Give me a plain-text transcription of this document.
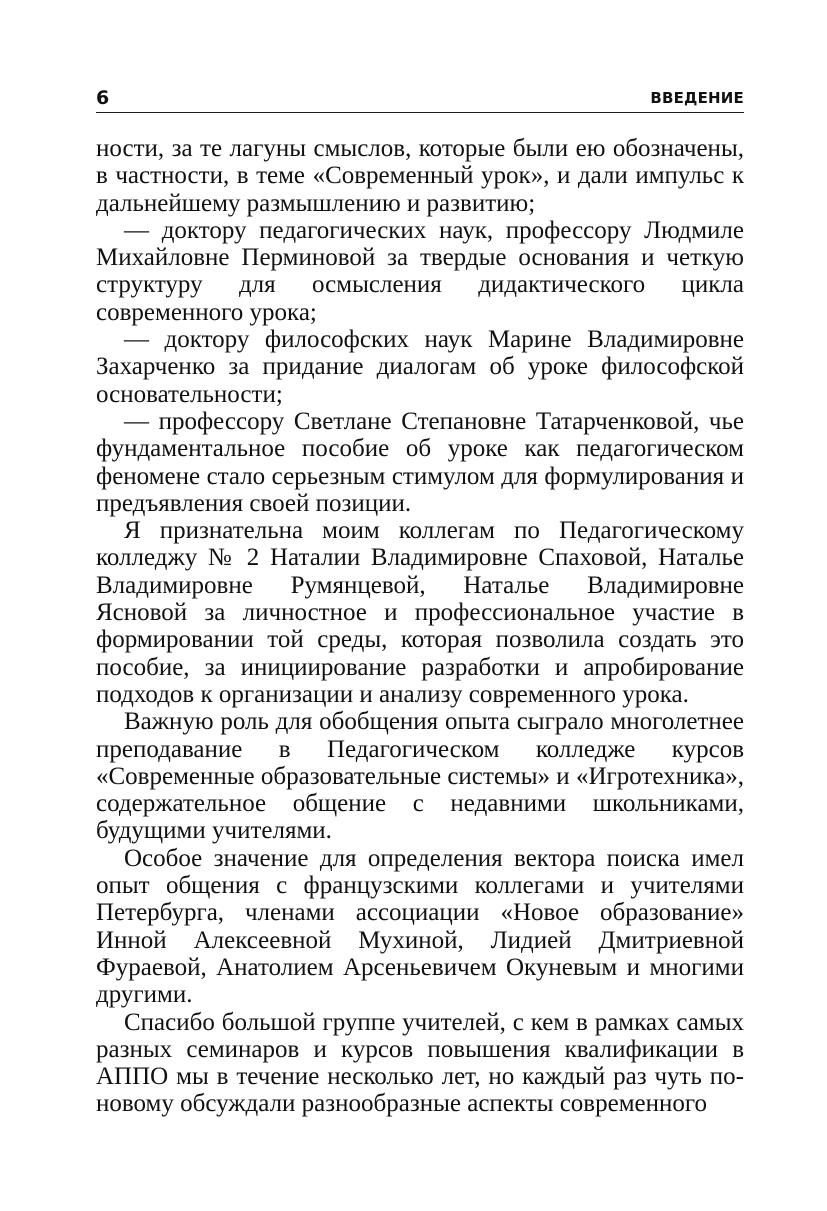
6	ВВЕДЕНИЕ

ности, за те лагуны смыслов, которые были ею обозначены, в частности, в теме «Современный урок», и дали импульс к дальнейшему размышлению и развитию;

— доктору педагогических наук, профессору Людмиле Михайловне Перминовой за твердые основания и четкую структуру для осмысления дидактического цикла современного урока;

— доктору философских наук Марине Владимировне Захарченко за придание диалогам об уроке философской основательности;

— профессору Светлане Степановне Татарченковой, чье фундаментальное пособие об уроке как педагогическом феномене стало серьезным стимулом для формулирования и предъявления своей позиции.

Я признательна моим коллегам по Педагогическому колледжу № 2 Наталии Владимировне Спаховой, Наталье Владимировне Румянцевой, Наталье Владимировне Ясновой за личностное и профессиональное участие в формировании той среды, которая позволила создать это пособие, за инициирование разработки и апробирование подходов к организации и анализу современного урока.

Важную роль для обобщения опыта сыграло многолетнее преподавание в Педагогическом колледже курсов «Современные образовательные системы» и «Игротехника», содержательное общение с недавними школьниками, будущими учителями.

Особое значение для определения вектора поиска имел опыт общения с французскими коллегами и учителями Петербурга, членами ассоциации «Новое образование» Инной Алексеевной Мухиной, Лидией Дмитриевной Фураевой, Анатолием Арсеньевичем Окуневым и многими другими.

Спасибо большой группе учителей, с кем в рамках самых разных семинаров и курсов повышения квалификации в АППО мы в течение несколько лет, но каждый раз чуть по-новому обсуждали разнообразные аспекты современного
